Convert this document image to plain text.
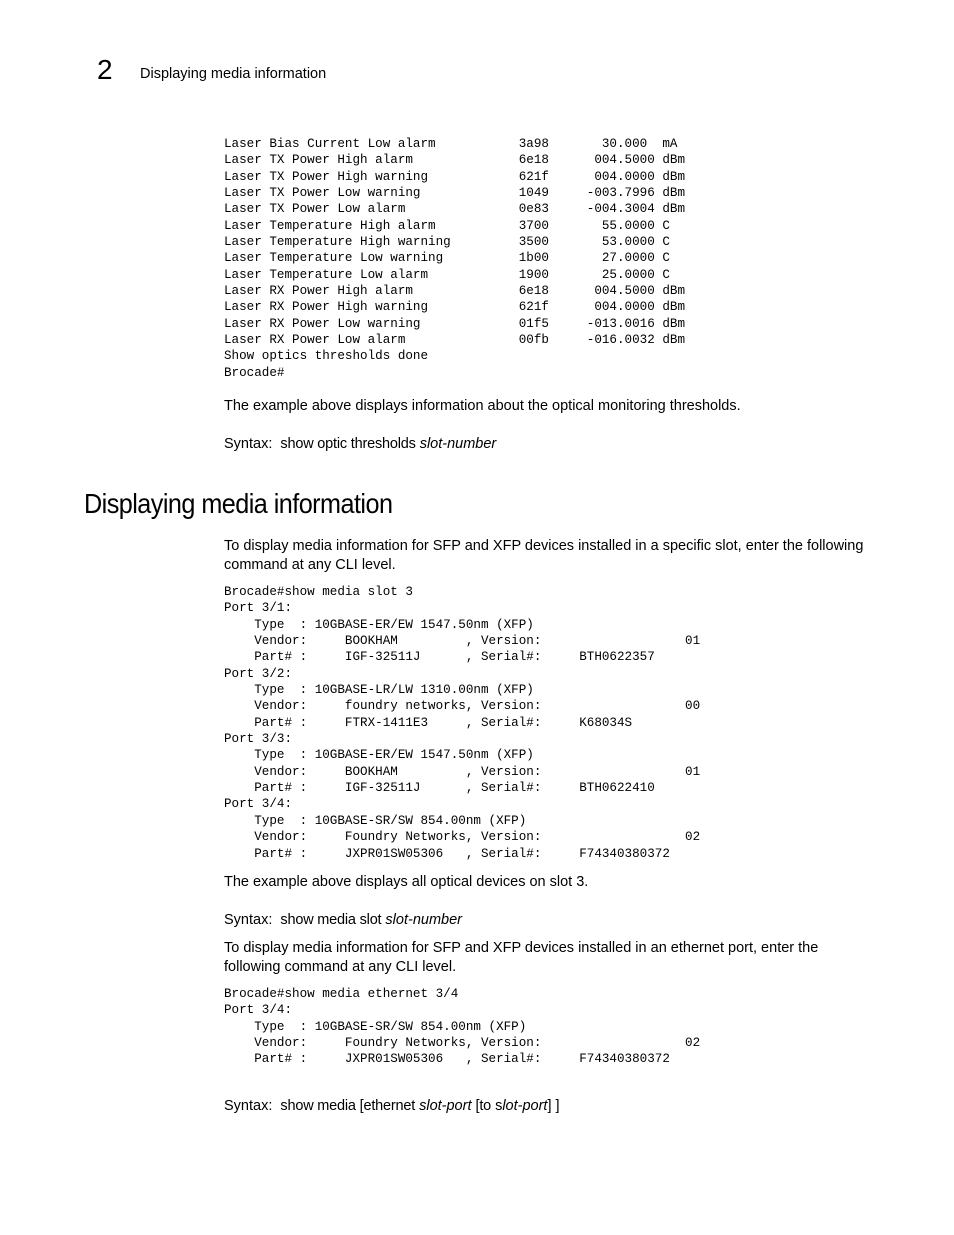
2 Displaying media information
Laser Bias Current Low alarm           3a98       30.000  mA
Laser TX Power High alarm              6e18      004.5000 dBm
Laser TX Power High warning            621f      004.0000 dBm
Laser TX Power Low warning             1049     -003.7996 dBm
Laser TX Power Low alarm               0e83     -004.3004 dBm
Laser Temperature High alarm           3700       55.0000 C
Laser Temperature High warning         3500       53.0000 C
Laser Temperature Low warning          1b00       27.0000 C
Laser Temperature Low alarm            1900       25.0000 C
Laser RX Power High alarm              6e18      004.5000 dBm
Laser RX Power High warning            621f      004.0000 dBm
Laser RX Power Low warning             01f5     -013.0016 dBm
Laser RX Power Low alarm               00fb     -016.0032 dBm
Show optics thresholds done
Brocade#

The example above displays information about the optical monitoring thresholds.

Syntax: show optic thresholds slot-number
Displaying media information

To display media information for SFP and XFP devices installed in a specific slot, enter the following command at any CLI level.

Brocade#show media slot 3
Port 3/1:
Type  : 10GBASE-ER/EW 1547.50nm (XFP)
Vendor:     BOOKHAM         , Version:                   01
Part# :     IGF-32511J      , Serial#:     BTH0622357
Port 3/2:
Type  : 10GBASE-LR/LW 1310.00nm (XFP)
Vendor:     foundry networks, Version:                   00
Part# :     FTRX-1411E3     , Serial#:     K68034S
Port 3/3:
Type  : 10GBASE-ER/EW 1547.50nm (XFP)
Vendor:     BOOKHAM         , Version:                   01
Part# :     IGF-32511J      , Serial#:     BTH0622410
Port 3/4:
Type  : 10GBASE-SR/SW 854.00nm (XFP)
Vendor:     Foundry Networks, Version:                   02
Part# :     JXPR01SW05306   , Serial#:     F74340380372

The example above displays all optical devices on slot 3.

Syntax: show media slot slot-number

To display media information for SFP and XFP devices installed in an ethernet port, enter the following command at any CLI level.

Brocade#show media ethernet 3/4
Port 3/4:
Type  : 10GBASE-SR/SW 854.00nm (XFP)
Vendor:     Foundry Networks, Version:                   02
Part# :     JXPR01SW05306   , Serial#:     F74340380372
Syntax: show media [ethernet slot-port [to slot-port] ]
